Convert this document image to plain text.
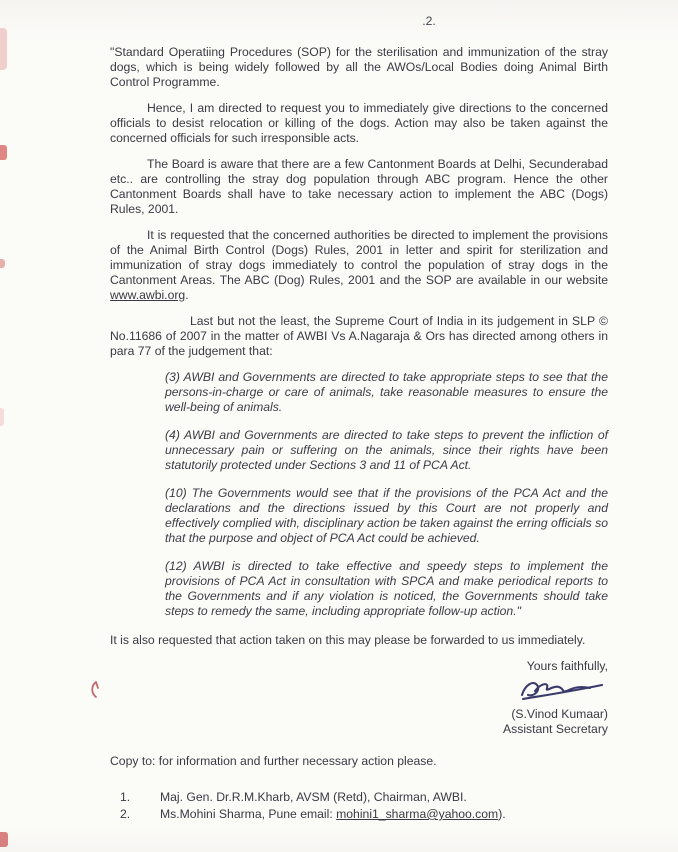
.2.

"Standard Operatiing Procedures (SOP) for the sterilisation and immunization of the stray dogs, which is being widely followed by all the AWOs/Local Bodies doing Animal Birth Control Programme.

Hence, I am directed to request you to immediately give directions to the concerned officials to desist relocation or killing of the dogs. Action may also be taken against the concerned officials for such irresponsible acts.

The Board is aware that there are a few Cantonment Boards at Delhi, Secunderabad etc.. are controlling the stray dog population through ABC program. Hence the other Cantonment Boards shall have to take necessary action to implement the ABC (Dogs) Rules, 2001.

It is requested that the concerned authorities be directed to implement the provisions of the Animal Birth Control (Dogs) Rules, 2001 in letter and spirit for sterilization and immunization of stray dogs immediately to control the population of stray dogs in the Cantonment Areas. The ABC (Dog) Rules, 2001 and the SOP are available in our website www.awbi.org.

Last but not the least, the Supreme Court of India in its judgement in SLP © No.11686 of 2007 in the matter of AWBI Vs A.Nagaraja & Ors has directed among others in para 77 of the judgement that:

(3) AWBI and Governments are directed to take appropriate steps to see that the persons-in-charge or care of animals, take reasonable measures to ensure the well-being of animals.

(4) AWBI and Governments are directed to take steps to prevent the infliction of unnecessary pain or suffering on the animals, since their rights have been statutorily protected under Sections 3 and 11 of PCA Act.

(10) The Governments would see that if the provisions of the PCA Act and the declarations and the directions issued by this Court are not properly and effectively complied with, disciplinary action be taken against the erring officials so that the purpose and object of PCA Act could be achieved.

(12) AWBI is directed to take effective and speedy steps to implement the provisions of PCA Act in consultation with SPCA and make periodical reports to the Governments and if any violation is noticed, the Governments should take steps to remedy the same, including appropriate follow-up action."

It is also requested that action taken on this may please be forwarded to us immediately.

Yours faithfully,
(S.Vinod Kumaar)
Assistant Secretary

Copy to: for information and further necessary action please.

1. Maj. Gen. Dr.R.M.Kharb, AVSM (Retd), Chairman, AWBI.
2. Ms.Mohini Sharma, Pune email: mohini1_sharma@yahoo.com).
